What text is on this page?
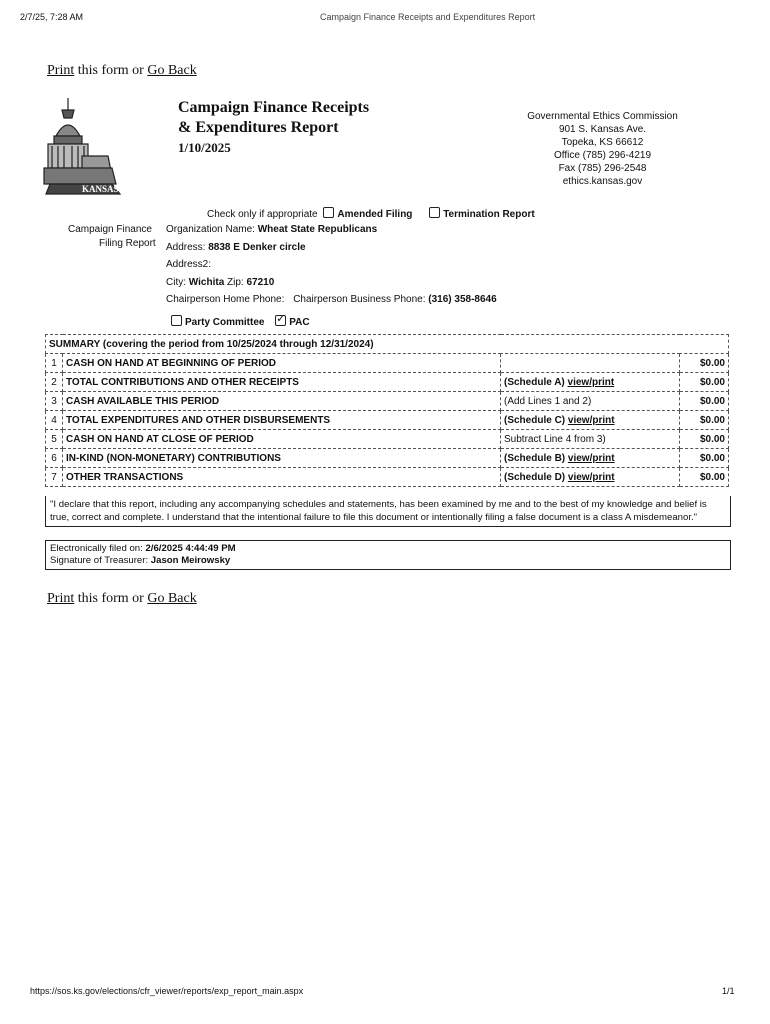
2/7/25, 7:28 AM	Campaign Finance Receipts and Expenditures Report
Print this form or Go Back
KANSAS
Campaign Finance Receipts
& Expenditures Report
1/10/2025
Governmental Ethics Commission
901 S. Kansas Ave.
Topeka, KS 66612
Office (785) 296-4219
Fax (785) 296-2548
ethics.kansas.gov
Check only if appropriate Amended Filing	Termination Report
Campaign Finance
Filing Report
Organization Name: Wheat State Republicans
Address: 8838 E Denker circle
Address2:
City: Wichita Zip: 67210
Chairperson Home Phone: Chairperson Business Phone: (316) 358-8646
Party Committee ✓ PAC
SUMMARY (covering the period from 10/25/2024 through 12/31/2024)			
1	CASH ON HAND AT BEGINNING OF PERIOD		$0.00
2	TOTAL CONTRIBUTIONS AND OTHER RECEIPTS	(Schedule A) view/print	$0.00
3	CASH AVAILABLE THIS PERIOD	(Add Lines 1 and 2)	$0.00
4	TOTAL EXPENDITURES AND OTHER DISBURSEMENTS	(Schedule C) view/print	$0.00
5	CASH ON HAND AT CLOSE OF PERIOD	Subtract Line 4 from 3)	$0.00
6	IN-KIND (NON-MONETARY) CONTRIBUTIONS	(Schedule B) view/print	$0.00
7	OTHER TRANSACTIONS	(Schedule D) view/print	$0.00
"I declare that this report, including any accompanying schedules and statements, has been examined by me and to the best of my knowledge and belief is true, correct and complete. I understand that the intentional failure to file this document or intentionally filing a false document is a class A misdemeanor."
Electronically filed on: 2/6/2025 4:44:49 PM
Signature of Treasurer: Jason Meirowsky
Print this form or Go Back
https://sos.ks.gov/elections/cfr_viewer/reports/exp_report_main.aspx	1/1
